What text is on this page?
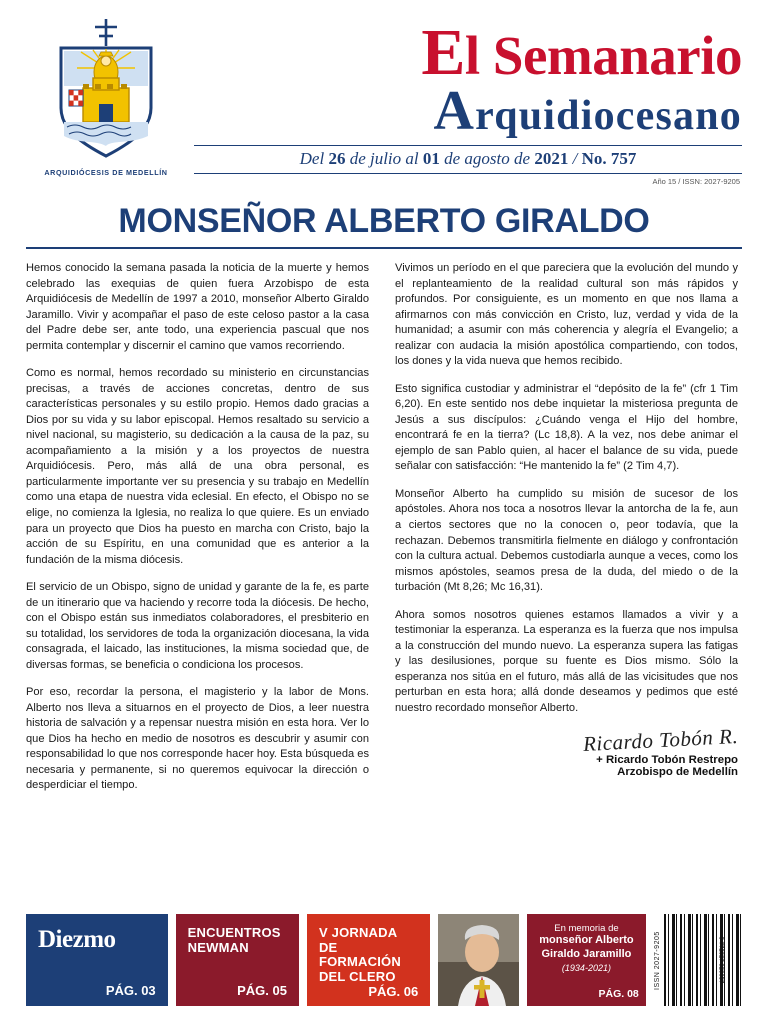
ARQUIDIÓCESIS DE MEDELLÍN
El Semanario
Arquidiocesano
Del 26 de julio al 01 de agosto de 2021 / No. 757
Año 15 / ISSN: 2027-9205
MONSEÑOR ALBERTO GIRALDO

Hemos conocido la semana pasada la noticia de la muerte y hemos celebrado las exequias de quien fuera Arzobispo de esta Arquidiócesis de Medellín de 1997 a 2010, monseñor Alberto Giraldo Jaramillo. Vivir y acompañar el paso de este celoso pastor a la casa del Padre debe ser, ante todo, una experiencia pascual que nos permita contemplar y discernir el camino que vamos recorriendo.

Como es normal, hemos recordado su ministerio en circunstancias precisas, a través de acciones concretas, dentro de sus características personales y su estilo propio. Hemos dado gracias a Dios por su vida y su labor episcopal. Hemos resaltado su servicio a nivel nacional, su magisterio, su dedicación a la causa de la paz, su acompañamiento a la misión y a los proyectos de nuestra Arquidiócesis. Pero, más allá de una obra personal, es particularmente importante ver su presencia y su trabajo en Medellín como una etapa de nuestra vida eclesial. En efecto, el Obispo no se elige, no comienza la Iglesia, no realiza lo que quiere. Es un enviado para un proyecto que Dios ha puesto en marcha con Cristo, bajo la acción de su Espíritu, en una comunidad que es anterior a la fundación de la misma diócesis.

El servicio de un Obispo, signo de unidad y garante de la fe, es parte de un itinerario que va haciendo y recorre toda la diócesis. De hecho, con el Obispo están sus inmediatos colaboradores, el presbiterio en su totalidad, los servidores de toda la organización diocesana, la vida consagrada, el laicado, las instituciones, la misma sociedad que, de diversas formas, se beneficia o condiciona los procesos.

Por eso, recordar la persona, el magisterio y la labor de Mons. Alberto nos lleva a situarnos en el proyecto de Dios, a leer nuestra historia de salvación y a repensar nuestra misión en esta hora. Ver lo que Dios ha hecho en medio de nosotros es descubrir y asumir con responsabilidad lo que nos corresponde hacer hoy. Esta búsqueda es necesaria y permanente, si no queremos equivocar la dirección o desperdiciar el tiempo.

Vivimos un período en el que pareciera que la evolución del mundo y el replanteamiento de la realidad cultural son más rápidos y profundos. Por consiguiente, es un momento en que nos llama a afirmarnos con más convicción en Cristo, luz, verdad y vida de la humanidad; a asumir con más coherencia y alegría el Evangelio; a realizar con audacia la misión apostólica compartiendo, con todos, los dones y la vida nueva que hemos recibido.

Esto significa custodiar y administrar el “depósito de la fe” (cfr 1 Tim 6,20). En este sentido nos debe inquietar la misteriosa pregunta de Jesús a sus discípulos: ¿Cuándo venga el Hijo del hombre, encontrará fe en la tierra? (Lc 18,8). A la vez, nos debe animar el ejemplo de san Pablo quien, al hacer el balance de su vida, puede señalar con satisfacción: “He mantenido la fe” (2 Tim 4,7).

Monseñor Alberto ha cumplido su misión de sucesor de los apóstoles. Ahora nos toca a nosotros llevar la antorcha de la fe, aun a ciertos sectores que no la conocen o, peor todavía, que la rechazan. Debemos transmitirla fielmente en diálogo y confrontación con la cultura actual. Debemos custodiarla aunque a veces, como los mismos apóstoles, seamos presa de la duda, del miedo o de la turbación (Mt 8,26; Mc 16,31).

Ahora somos nosotros quienes estamos llamados a vivir y a testimoniar la esperanza. La esperanza es la fuerza que nos impulsa a la construcción del mundo nuevo. La esperanza supera las fatigas y las desilusiones, porque su fuente es Dios mismo. Sólo la esperanza nos sitúa en el futuro, más allá de las vicisitudes que nos perturban en esta hora; allá donde deseamos y pedimos que esté nuestro recordado monseñor Alberto.

Ricardo Tobón R.
+ Ricardo Tobón Restrepo
Arzobispo de Medellín
Diezmo
PÁG. 03
ENCUENTROS NEWMAN
PÁG. 05
V JORNADA DE FORMACIÓN DEL CLERO
PÁG. 06
En memoria de
monseñor Alberto Giraldo Jaramillo
(1934-2021)
PÁG. 08
ISSN 2027-9205	9 772027 920057
